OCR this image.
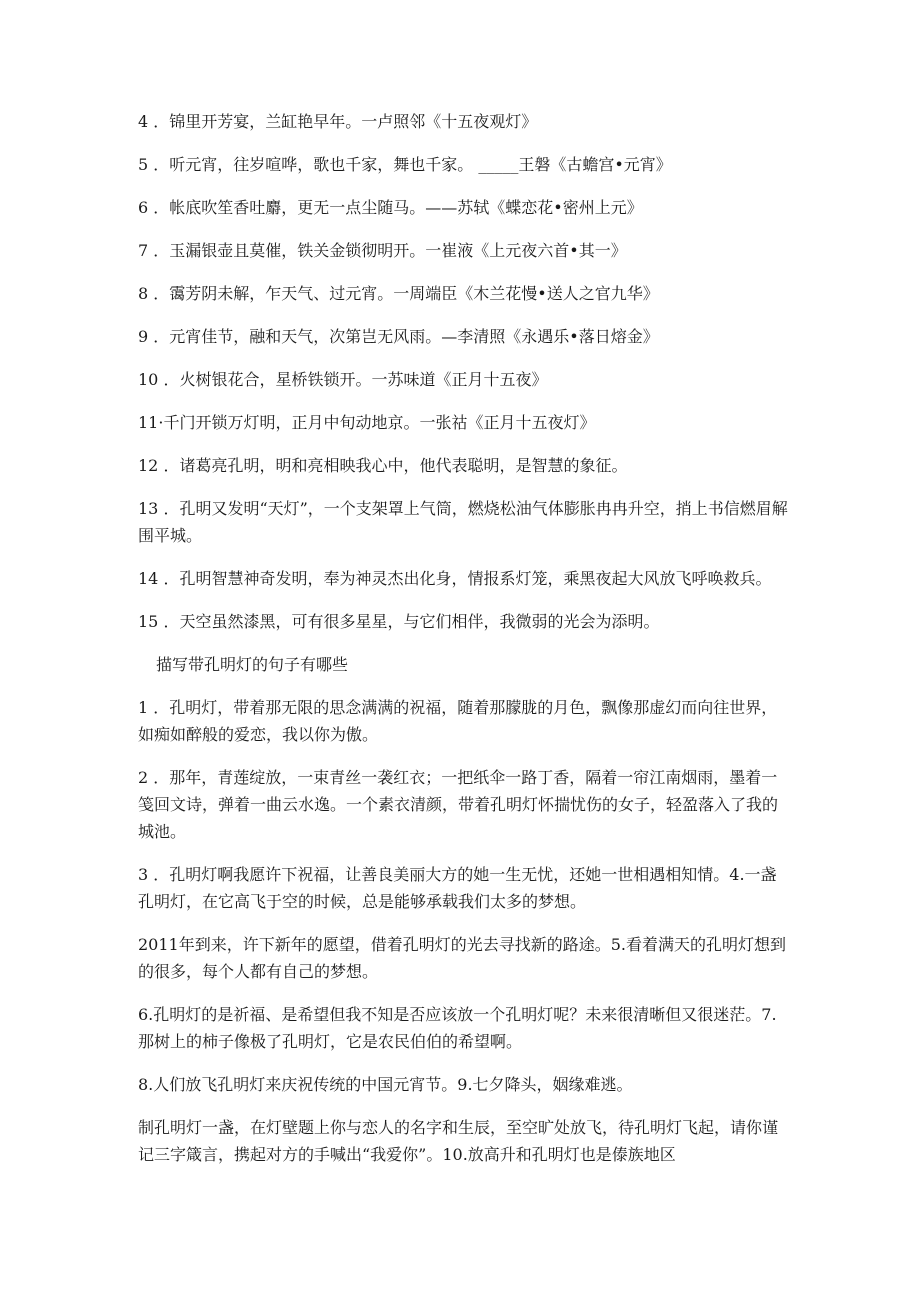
4 ．锦里开芳宴，兰缸艳早年。一卢照邻《十五夜观灯》

5 ．听元宵，往岁喧哗，歌也千家，舞也千家。 _____王磐《古蟾宫•元宵》

6 ．帐底吹笙香吐麝，更无一点尘随马。——苏轼《蝶恋花•密州上元》

7 ．玉漏银壶且莫催，铁关金锁彻明开。一崔液《上元夜六首•其一》

8 ．霭芳阴未解，乍天气、过元宵。一周端臣《木兰花慢•送人之官九华》

9 ．元宵佳节，融和天气，次第岂无风雨。—李清照《永遇乐•落日熔金》

10 ．火树银花合，星桥铁锁开。一苏味道《正月十五夜》

11·千门开锁万灯明，正月中旬动地京。一张祜《正月十五夜灯》

12 ．诸葛亮孔明，明和亮相映我心中，他代表聪明，是智慧的象征。

13 ．孔明又发明“天灯”，一个支架罩上气筒，燃烧松油气体膨胀冉冉升空，捎上书信燃眉解围平城。

14 ．孔明智慧神奇发明，奉为神灵杰出化身，情报系灯笼，乘黑夜起大风放飞呼唤救兵。

15 ．天空虽然漆黑，可有很多星星，与它们相伴，我微弱的光会为添明。

描写带孔明灯的句子有哪些

1 ．孔明灯，带着那无限的思念满满的祝福，随着那朦胧的月色，飘像那虚幻而向往世界，如痴如醉般的爱恋，我以你为傲。

2 ．那年，青莲绽放，一束青丝一袭红衣；一把纸伞一路丁香，隔着一帘江南烟雨，墨着一笺回文诗，弹着一曲云水逸。一个素衣清颜，带着孔明灯怀揣忧伤的女子，轻盈落入了我的城池。

3 ．孔明灯啊我愿许下祝福，让善良美丽大方的她一生无忧，还她一世相遇相知情。4.一盏孔明灯，在它高飞于空的时候，总是能够承载我们太多的梦想。

2011年到来，许下新年的愿望，借着孔明灯的光去寻找新的路途。5.看着满天的孔明灯想到的很多，每个人都有自己的梦想。

6.孔明灯的是祈福、是希望但我不知是否应该放一个孔明灯呢？未来很清晰但又很迷茫。7.那树上的柿子像极了孔明灯，它是农民伯伯的希望啊。

8.人们放飞孔明灯来庆祝传统的中国元宵节。9.七夕降头，姻缘难逃。

制孔明灯一盏，在灯壁题上你与恋人的名字和生辰，至空旷处放飞，待孔明灯飞起，请你谨记三字箴言，携起对方的手喊出“我爱你”。10.放高升和孔明灯也是傣族地区
